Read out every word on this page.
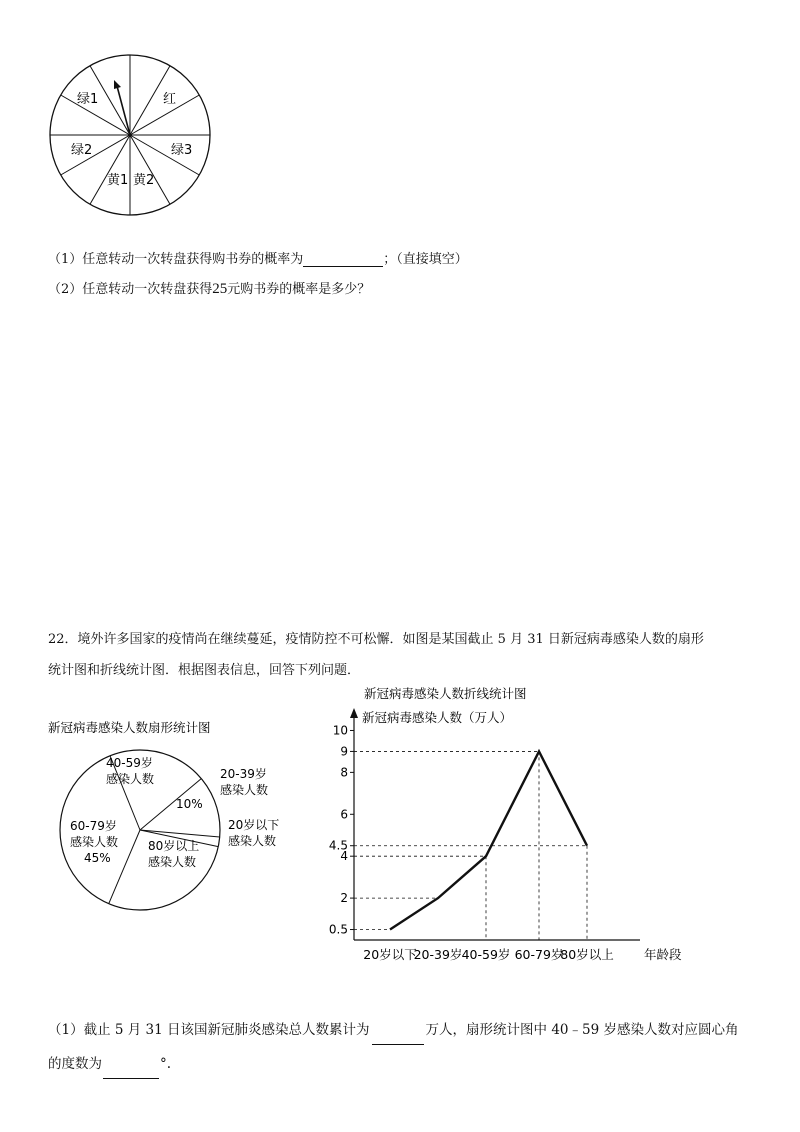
绿1	红
绿2	绿3
黄1 黄2
（1）任意转动一次转盘获得购书券的概率为	；（直接填空）
（2）任意转动一次转盘获得25元购书券的概率是多少？
22．境外许多国家的疫情尚在继续蔓延，疫情防控不可松懈．如图是某国截止 5 月 31 日新冠病毒感染人数的扇形
统计图和折线统计图．根据图表信息，回答下列问题．
新冠病毒感染人数扇形统计图
40-59岁
感染人数	20-39岁
感染人数
10%
20岁以下
感染人数
80岁以上
感染人数
60-79岁
感染人数
45%
新冠病毒感染人数折线统计图
新冠病毒感染人数（万人）
年龄段
0.5
2
4
4.5
6
8
9
10
20岁以下
20-39岁 40-59岁 60-79岁
80岁以上
（1）截止 5 月 31 日该国新冠肺炎感染总人数累计为	万人，扇形统计图中 40﹣59 岁感染人数对应圆心角
的度数为	°.
